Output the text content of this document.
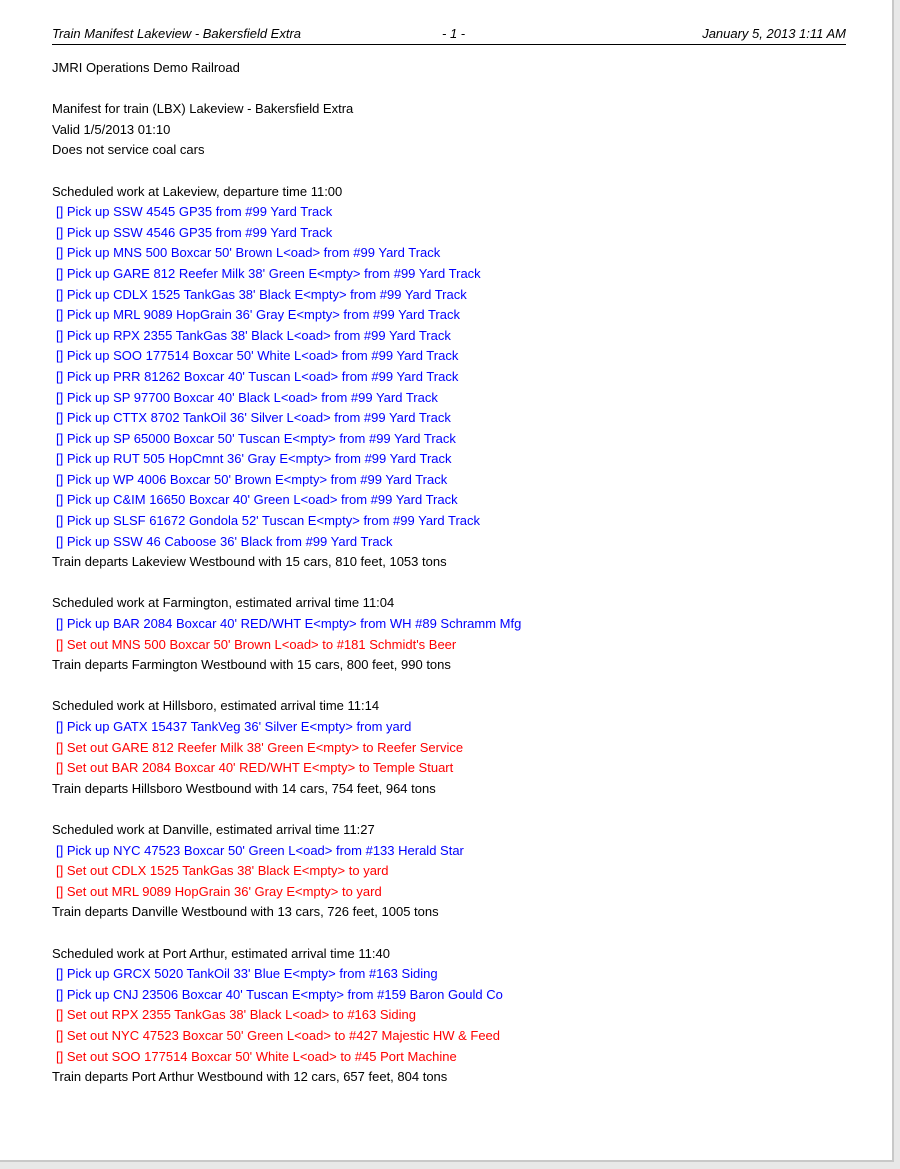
Train Manifest Lakeview - Bakersfield Extra	- 1 -	January 5, 2013 1:11 AM
JMRI Operations Demo Railroad
Manifest for train (LBX) Lakeview - Bakersfield Extra
Valid 1/5/2013 01:10
Does not service coal cars
Scheduled work at Lakeview, departure time 11:00
[] Pick up SSW 4545 GP35 from #99 Yard Track
[] Pick up SSW 4546 GP35 from #99 Yard Track
[] Pick up MNS 500 Boxcar 50' Brown L<oad> from #99 Yard Track
[] Pick up GARE 812 Reefer Milk 38' Green E<mpty> from #99 Yard Track
[] Pick up CDLX 1525 TankGas 38' Black E<mpty> from #99 Yard Track
[] Pick up MRL 9089 HopGrain 36' Gray E<mpty> from #99 Yard Track
[] Pick up RPX 2355 TankGas 38' Black L<oad> from #99 Yard Track
[] Pick up SOO 177514 Boxcar 50' White L<oad> from #99 Yard Track
[] Pick up PRR 81262 Boxcar 40' Tuscan L<oad> from #99 Yard Track
[] Pick up SP 97700 Boxcar 40' Black L<oad> from #99 Yard Track
[] Pick up CTTX 8702 TankOil 36' Silver L<oad> from #99 Yard Track
[] Pick up SP 65000 Boxcar 50' Tuscan E<mpty> from #99 Yard Track
[] Pick up RUT 505 HopCmnt 36' Gray E<mpty> from #99 Yard Track
[] Pick up WP 4006 Boxcar 50' Brown E<mpty> from #99 Yard Track
[] Pick up C&IM 16650 Boxcar 40' Green L<oad> from #99 Yard Track
[] Pick up SLSF 61672 Gondola 52' Tuscan E<mpty> from #99 Yard Track
[] Pick up SSW 46 Caboose 36' Black from #99 Yard Track
Train departs Lakeview Westbound with 15 cars, 810 feet, 1053 tons
Scheduled work at Farmington, estimated arrival time 11:04
[] Pick up BAR 2084 Boxcar 40' RED/WHT E<mpty> from WH #89 Schramm Mfg
[] Set out MNS 500 Boxcar 50' Brown L<oad> to #181 Schmidt's Beer
Train departs Farmington Westbound with 15 cars, 800 feet, 990 tons
Scheduled work at Hillsboro, estimated arrival time 11:14
[] Pick up GATX 15437 TankVeg 36' Silver E<mpty> from yard
[] Set out GARE 812 Reefer Milk 38' Green E<mpty> to Reefer Service
[] Set out BAR 2084 Boxcar 40' RED/WHT E<mpty> to Temple Stuart
Train departs Hillsboro Westbound with 14 cars, 754 feet, 964 tons
Scheduled work at Danville, estimated arrival time 11:27
[] Pick up NYC 47523 Boxcar 50' Green L<oad> from #133 Herald Star
[] Set out CDLX 1525 TankGas 38' Black E<mpty> to yard
[] Set out MRL 9089 HopGrain 36' Gray E<mpty> to yard
Train departs Danville Westbound with 13 cars, 726 feet, 1005 tons
Scheduled work at Port Arthur, estimated arrival time 11:40
[] Pick up GRCX 5020 TankOil 33' Blue E<mpty> from #163 Siding
[] Pick up CNJ 23506 Boxcar 40' Tuscan E<mpty> from #159 Baron Gould Co
[] Set out RPX 2355 TankGas 38' Black L<oad> to #163 Siding
[] Set out NYC 47523 Boxcar 50' Green L<oad> to #427 Majestic HW & Feed
[] Set out SOO 177514 Boxcar 50' White L<oad> to #45 Port Machine
Train departs Port Arthur Westbound with 12 cars, 657 feet, 804 tons
